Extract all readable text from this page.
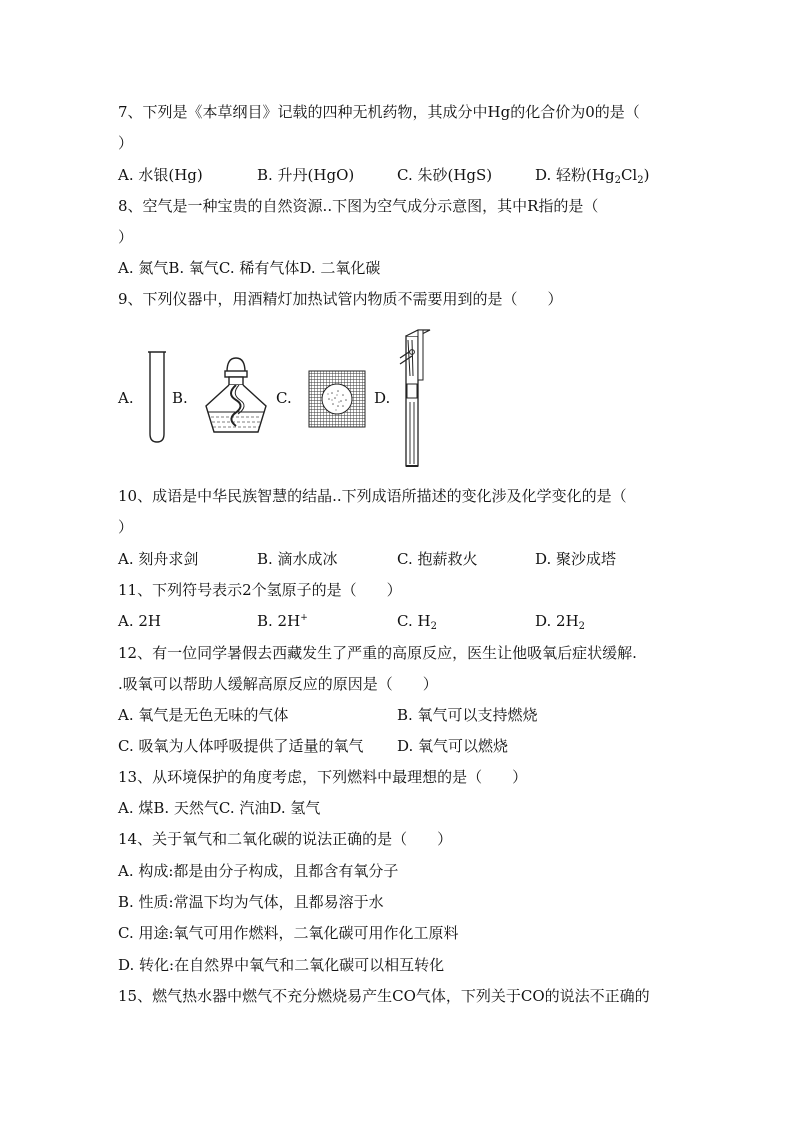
7、下列是《本草纲目》记载的四种无机药物，其成分中Hg的化合价为0的是（
）
A. 水银(Hg)	B. 升丹(HgO)	C. 朱砂(HgS)	D. 轻粉$(Hg_2Cl_2)$
8、空气是一种宝贵的自然资源..下图为空气成分示意图，其中R指的是（
）
A. 氮气B. 氧气C. 稀有气体D. 二氧化碳
9、下列仪器中，用酒精灯加热试管内物质不需要用到的是（　　）
A.	B.	C.	D.
10、成语是中华民族智慧的结晶..下列成语所描述的变化涉及化学变化的是（
）
A. 刻舟求剑	B. 滴水成冰	C. 抱薪救火	D. 聚沙成塔
11、下列符号表示2个氢原子的是（　　）
A. 2H	B. 2H+	C. $H_2$	D. $2H_2$
12、有一位同学暑假去西藏发生了严重的高原反应，医生让他吸氧后症状缓解.
.吸氧可以帮助人缓解高原反应的原因是（　　）
A. 氧气是无色无味的气体	B. 氧气可以支持燃烧
C. 吸氧为人体呼吸提供了适量的氧气 D. 氧气可以燃烧
13、从环境保护的角度考虑，下列燃料中最理想的是（　　）
A. 煤B. 天然气C. 汽油D. 氢气
14、关于氧气和二氧化碳的说法正确的是（　　）
A. 构成:都是由分子构成，且都含有氧分子
B. 性质:常温下均为气体，且都易溶于水
C. 用途:氧气可用作燃料，二氧化碳可用作化工原料
D. 转化:在自然界中氧气和二氧化碳可以相互转化
15、燃气热水器中燃气不充分燃烧易产生CO气体，下列关于CO的说法不正确的
